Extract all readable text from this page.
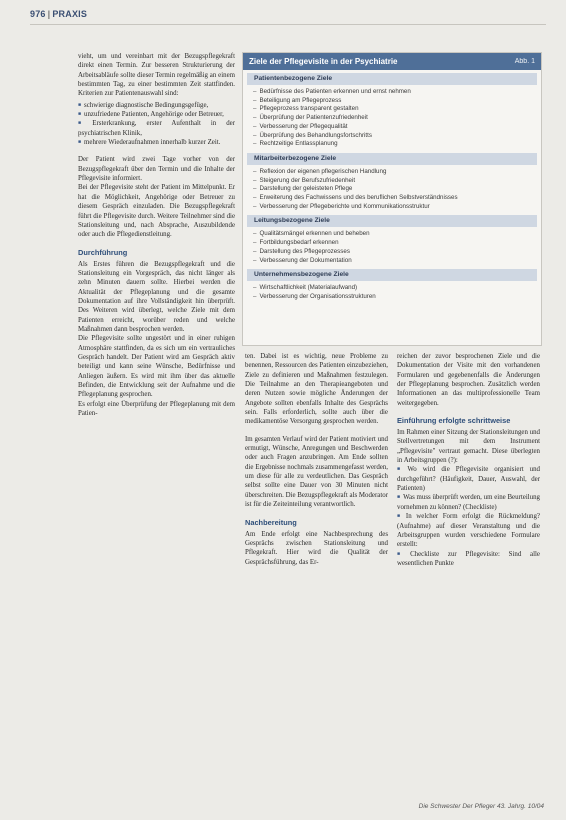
976 | PRAXIS

vieht, um und vereinbart mit der Bezugspflegekraft direkt einen Termin. Zur besseren Strukturierung der Arbeitsabläufe sollte dieser Termin regelmäßig an einem bestimmten Tag, zu einer bestimmten Zeit stattfinden. Kriterien zur Patientenauswahl sind:

■ schwierige diagnostische Bedingungsgefüge,
■ unzufriedene Patienten, Angehörige oder Betreuer,
■ Ersterkrankung, erster Aufenthalt in der psychiatrischen Klinik,
■ mehrere Wiederaufnahmen innerhalb kurzer Zeit.

Der Patient wird zwei Tage vorher von der Bezugspflegekraft über den Termin und die Inhalte der Pflegevisite informiert.

Bei der Pflegevisite steht der Patient im Mittelpunkt. Er hat die Möglichkeit, Angehörige oder Betreuer zu diesem Gespräch einzuladen. Die Bezugspflegekraft führt die Pflegevisite durch. Weitere Teilnehmer sind die Stationsleitung und, nach Absprache, Auszubildende oder auch die Pflegedienstleitung.

Durchführung

Als Erstes führen die Bezugspflegekraft und die Stationsleitung ein Vorgespräch, das nicht länger als zehn Minuten dauern sollte. Hierbei werden die Aktualität der Pflegeplanung und die gesamte Dokumentation auf ihre Vollständigkeit hin überprüft. Des Weiteren wird überlegt, welche Ziele mit dem Patienten erreicht, worüber reden und welche Maßnahmen dann besprochen werden.

Die Pflegevisite sollte ungestört und in einer ruhigen Atmosphäre stattfinden, da es sich um ein vertrauliches Gespräch handelt. Der Patient wird am Gespräch aktiv beteiligt und kann seine Wünsche, Bedürfnisse und Anliegen äußern. Es wird mit ihm über das aktuelle Befinden, die Entwicklung seit der Aufnahme und die Pflegeplanung gesprochen.

Es erfolgt eine Überprüfung der Pflegeplanung mit dem Patien-

Ziele der Pflegevisite in der Psychiatrie	Abb. 1
Patientenbezogene Ziele
– Bedürfnisse des Patienten erkennen und ernst nehmen
– Beteiligung am Pflegeprozess
– Pflegeprozess transparent gestalten
– Überprüfung der Patientenzufriedenheit
– Verbesserung der Pflegequalität
– Überprüfung des Behandlungsfortschritts
– Rechtzeitige Entlassplanung
Mitarbeiterbezogene Ziele
– Reflexion der eigenen pflegerischen Handlung
– Steigerung der Berufszufriedenheit
– Darstellung der geleisteten Pflege
– Erweiterung des Fachwissens und des beruflichen Selbstverständnisses
– Verbesserung der Pflegeberichte und Kommunikationsstruktur
Leitungsbezogene Ziele
– Qualitätsmängel erkennen und beheben
– Fortbildungsbedarf erkennen
– Darstellung des Pflegeprozesses
– Verbesserung der Dokumentation
Unternehmensbezogene Ziele
– Wirtschaftlichkeit (Materialaufwand)
– Verbesserung der Organisationsstrukturen

ten. Dabei ist es wichtig, neue Probleme zu benennen, Ressourcen des Patienten einzubeziehen, Ziele zu definieren und Maßnahmen festzulegen. Die Teilnahme an den Therapieangeboten und deren Nutzen sowie mögliche Änderungen der Angebote sollten ebenfalls Inhalte des Gesprächs sein. Falls erforderlich, sollte auch über die medikamentöse Versorgung gesprochen werden.

Im gesamten Verlauf wird der Patient motiviert und ermutigt, Wünsche, Anregungen und Beschwerden oder auch Fragen anzubringen. Am Ende sollten die Ergebnisse nochmals zusammengefasst werden, um diese für alle zu verdeutlichen. Das Gespräch selbst sollte eine Dauer von 30 Minuten nicht überschreiten. Die Bezugspflegekraft als Moderator ist für die Zeiteinteilung verantwortlich.

Nachbereitung

Am Ende erfolgt eine Nachbesprechung des Gesprächs zwischen Stationsleitung und Pflegekraft. Hier wird die Qualität der Gesprächsführung, das Er-

reichen der zuvor besprochenen Ziele und die Dokumentation der Visite mit den vorhandenen Formularen und gegebenenfalls die Änderungen der Pflegeplanung besprochen. Zusätzlich werden Informationen an das multiprofessionelle Team weitergegeben.

Einführung erfolgte schrittweise

Im Rahmen einer Sitzung der Stationsleitungen und Stellvertretungen mit dem Instrument „Pflegevisite" vertraut gemacht. Diese überlegten in Arbeitsgruppen (?):

■ Wo wird die Pflegevisite organisiert und durchgeführt? (Häufigkeit, Dauer, Auswahl, der Patienten)
■ Was muss überprüft werden, um eine Beurteilung vornehmen zu können? (Checkliste)
■ In welcher Form erfolgt die Rückmeldung? (Aufnahme) auf dieser Veranstaltung und die Arbeitsgruppen wurden verschiedene Formulare erstellt:
■ Checkliste zur Pflegevisite: Sind alle wesentlichen Punkte
Die Schwester Der Pfleger 43. Jahrg. 10/04
